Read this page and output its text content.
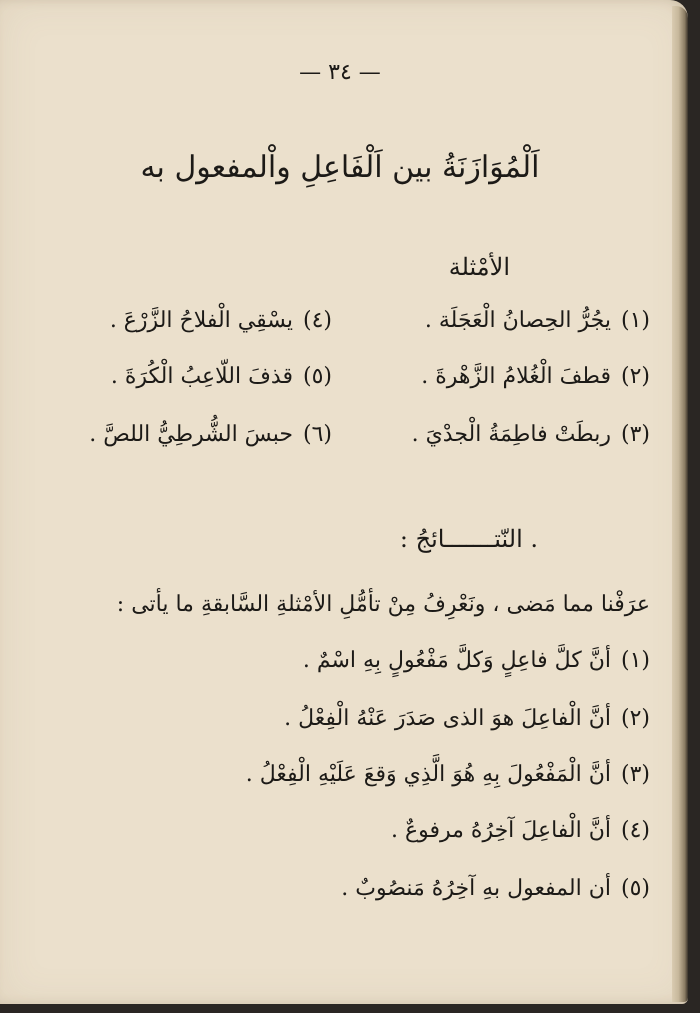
— ٣٤ —
اَلْمُوَازَنَةُ بين اَلْفَاعِلِ واْلمفعول به
الأمْثلة
(١)يجُرُّ الحِصانُ الْعَجَلَة .
(٤)يسْقِي الْفلاحُ الزَّرْعَ .
(٢)قطفَ الْغُلامُ الزَّهْرةَ .
(٥)قذفَ اللّاعِبُ الْكُرَةَ .
(٣)ربطَتْ فاطِمَةُ الْجدْيَ .
(٦)حبسَ الشُّرطِيُّ اللصَّ .
. النّتـــــــائجُ :
عرَفْنا مما مَضى ، ونَعْرِفُ مِنْ تأمُّلِ الأمْثلةِ السَّابقةِ ما يأتى :
(١)أنَّ كلَّ فاعِلٍ وَكلَّ مَفْعُولٍ بِهِ اسْمٌ .
(٢)أنَّ الْفاعِلَ هوَ الذى صَدَرَ عَنْهُ الْفِعْلُ .
(٣)أنَّ الْمَفْعُولَ بِهِ هُوَ الَّذِي وَقعَ عَلَيْهِ الْفِعْلُ .
(٤)أنَّ الْفاعِلَ آخِرُهُ مرفوعٌ .
(٥)أن المفعول بهِ آخِرُهُ مَنصُوبٌ .
